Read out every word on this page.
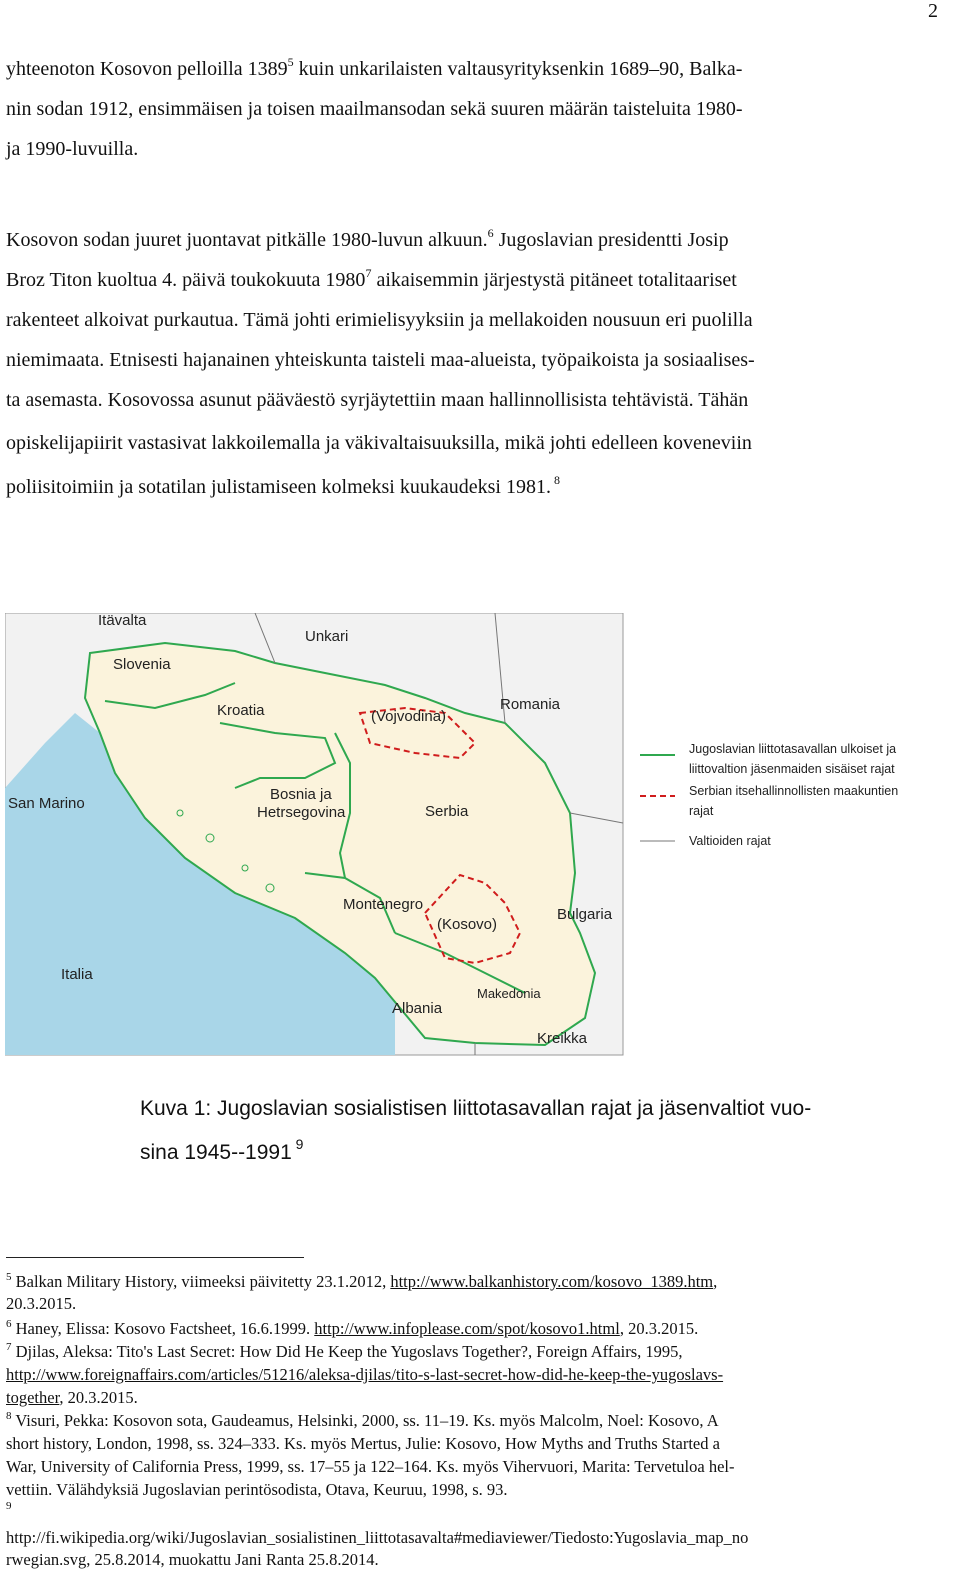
2
yhteenoton Kosovon pelloilla 1389$^5$ kuin unkarilaisten valtausyrityksenkin 1689–90, Balka-
nin sodan 1912, ensimmäisen ja toisen maailmansodan sekä suuren määrän taisteluita 1980-
ja 1990-luvuilla.
Kosovon sodan juuret juontavat pitkälle 1980-luvun alkuun.$^6$ Jugoslavian presidentti Josip
Broz Titon kuoltua 4. päivä toukokuuta 1980$^7$ aikaisemmin järjestystä pitäneet totalitaariset
rakenteet alkoivat purkautua. Tämä johti erimielisyyksiin ja mellakoiden nousuun eri puolilla
niemimaata. Etnisesti hajanainen yhteiskunta taisteli maa-alueista, työpaikoista ja sosiaalises-
ta asemasta. Kosovossa asunut pääväestö syrjäytettiin maan hallinnollisista tehtävistä. Tähän
opiskelijapiirit vastasivat lakkoilemalla ja väkivaltaisuuksilla, mikä johti edelleen koveneviin
poliisitoimiin ja sotatilan julistamiseen kolmeksi kuukaudeksi 1981. $^8$
Itävalta
Unkari
Slovenia
Kroatia	(Vojvodina)
Romania
San Marino
Bosnia ja
Hetrsegovina	Serbia
Montenegro
(Kosovo)
Bulgaria
Italia
Makedonia
Albania
Kreikka
Jugoslavian liittotasavallan ulkoiset ja
liittovaltion jäsenmaiden sisäiset rajat
Serbian itsehallinnollisten maakuntien
rajat
Valtioiden rajat
Kuva 1: Jugoslavian sosialistisen liittotasavallan rajat ja jäsenvaltiot vuo-
sina 1945--1991 $^9$
$^5$ Balkan Military History, viimeeksi päivitetty 23.1.2012, http://www.balkanhistory.com/kosovo_1389.htm,
20.3.2015.
$^6$ Haney, Elissa: Kosovo Factsheet, 16.6.1999. http://www.infoplease.com/spot/kosovo1.html, 20.3.2015.
$^7$ Djilas, Aleksa: Tito's Last Secret: How Did He Keep the Yugoslavs Together?, Foreign Affairs, 1995,
http://www.foreignaffairs.com/articles/51216/aleksa-djilas/tito-s-last-secret-how-did-he-keep-the-yugoslavs-
together, 20.3.2015.
$^8$ Visuri, Pekka: Kosovon sota, Gaudeamus, Helsinki, 2000, ss. 11–19. Ks. myös Malcolm, Noel: Kosovo, A
short history, London, 1998, ss. 324–333. Ks. myös Mertus, Julie: Kosovo, How Myths and Truths Started a
War, University of California Press, 1999, ss. 17–55 ja 122–164. Ks. myös Vihervuori, Marita: Tervetuloa hel-
vettiin. Välähdyksiä Jugoslavian perintösodista, Otava, Keuruu, 1998, s. 93.
$^9$
http://fi.wikipedia.org/wiki/Jugoslavian_sosialistinen_liittotasavalta#mediaviewer/Tiedosto:Yugoslavia_map_no
rwegian.svg, 25.8.2014, muokattu Jani Ranta 25.8.2014.
